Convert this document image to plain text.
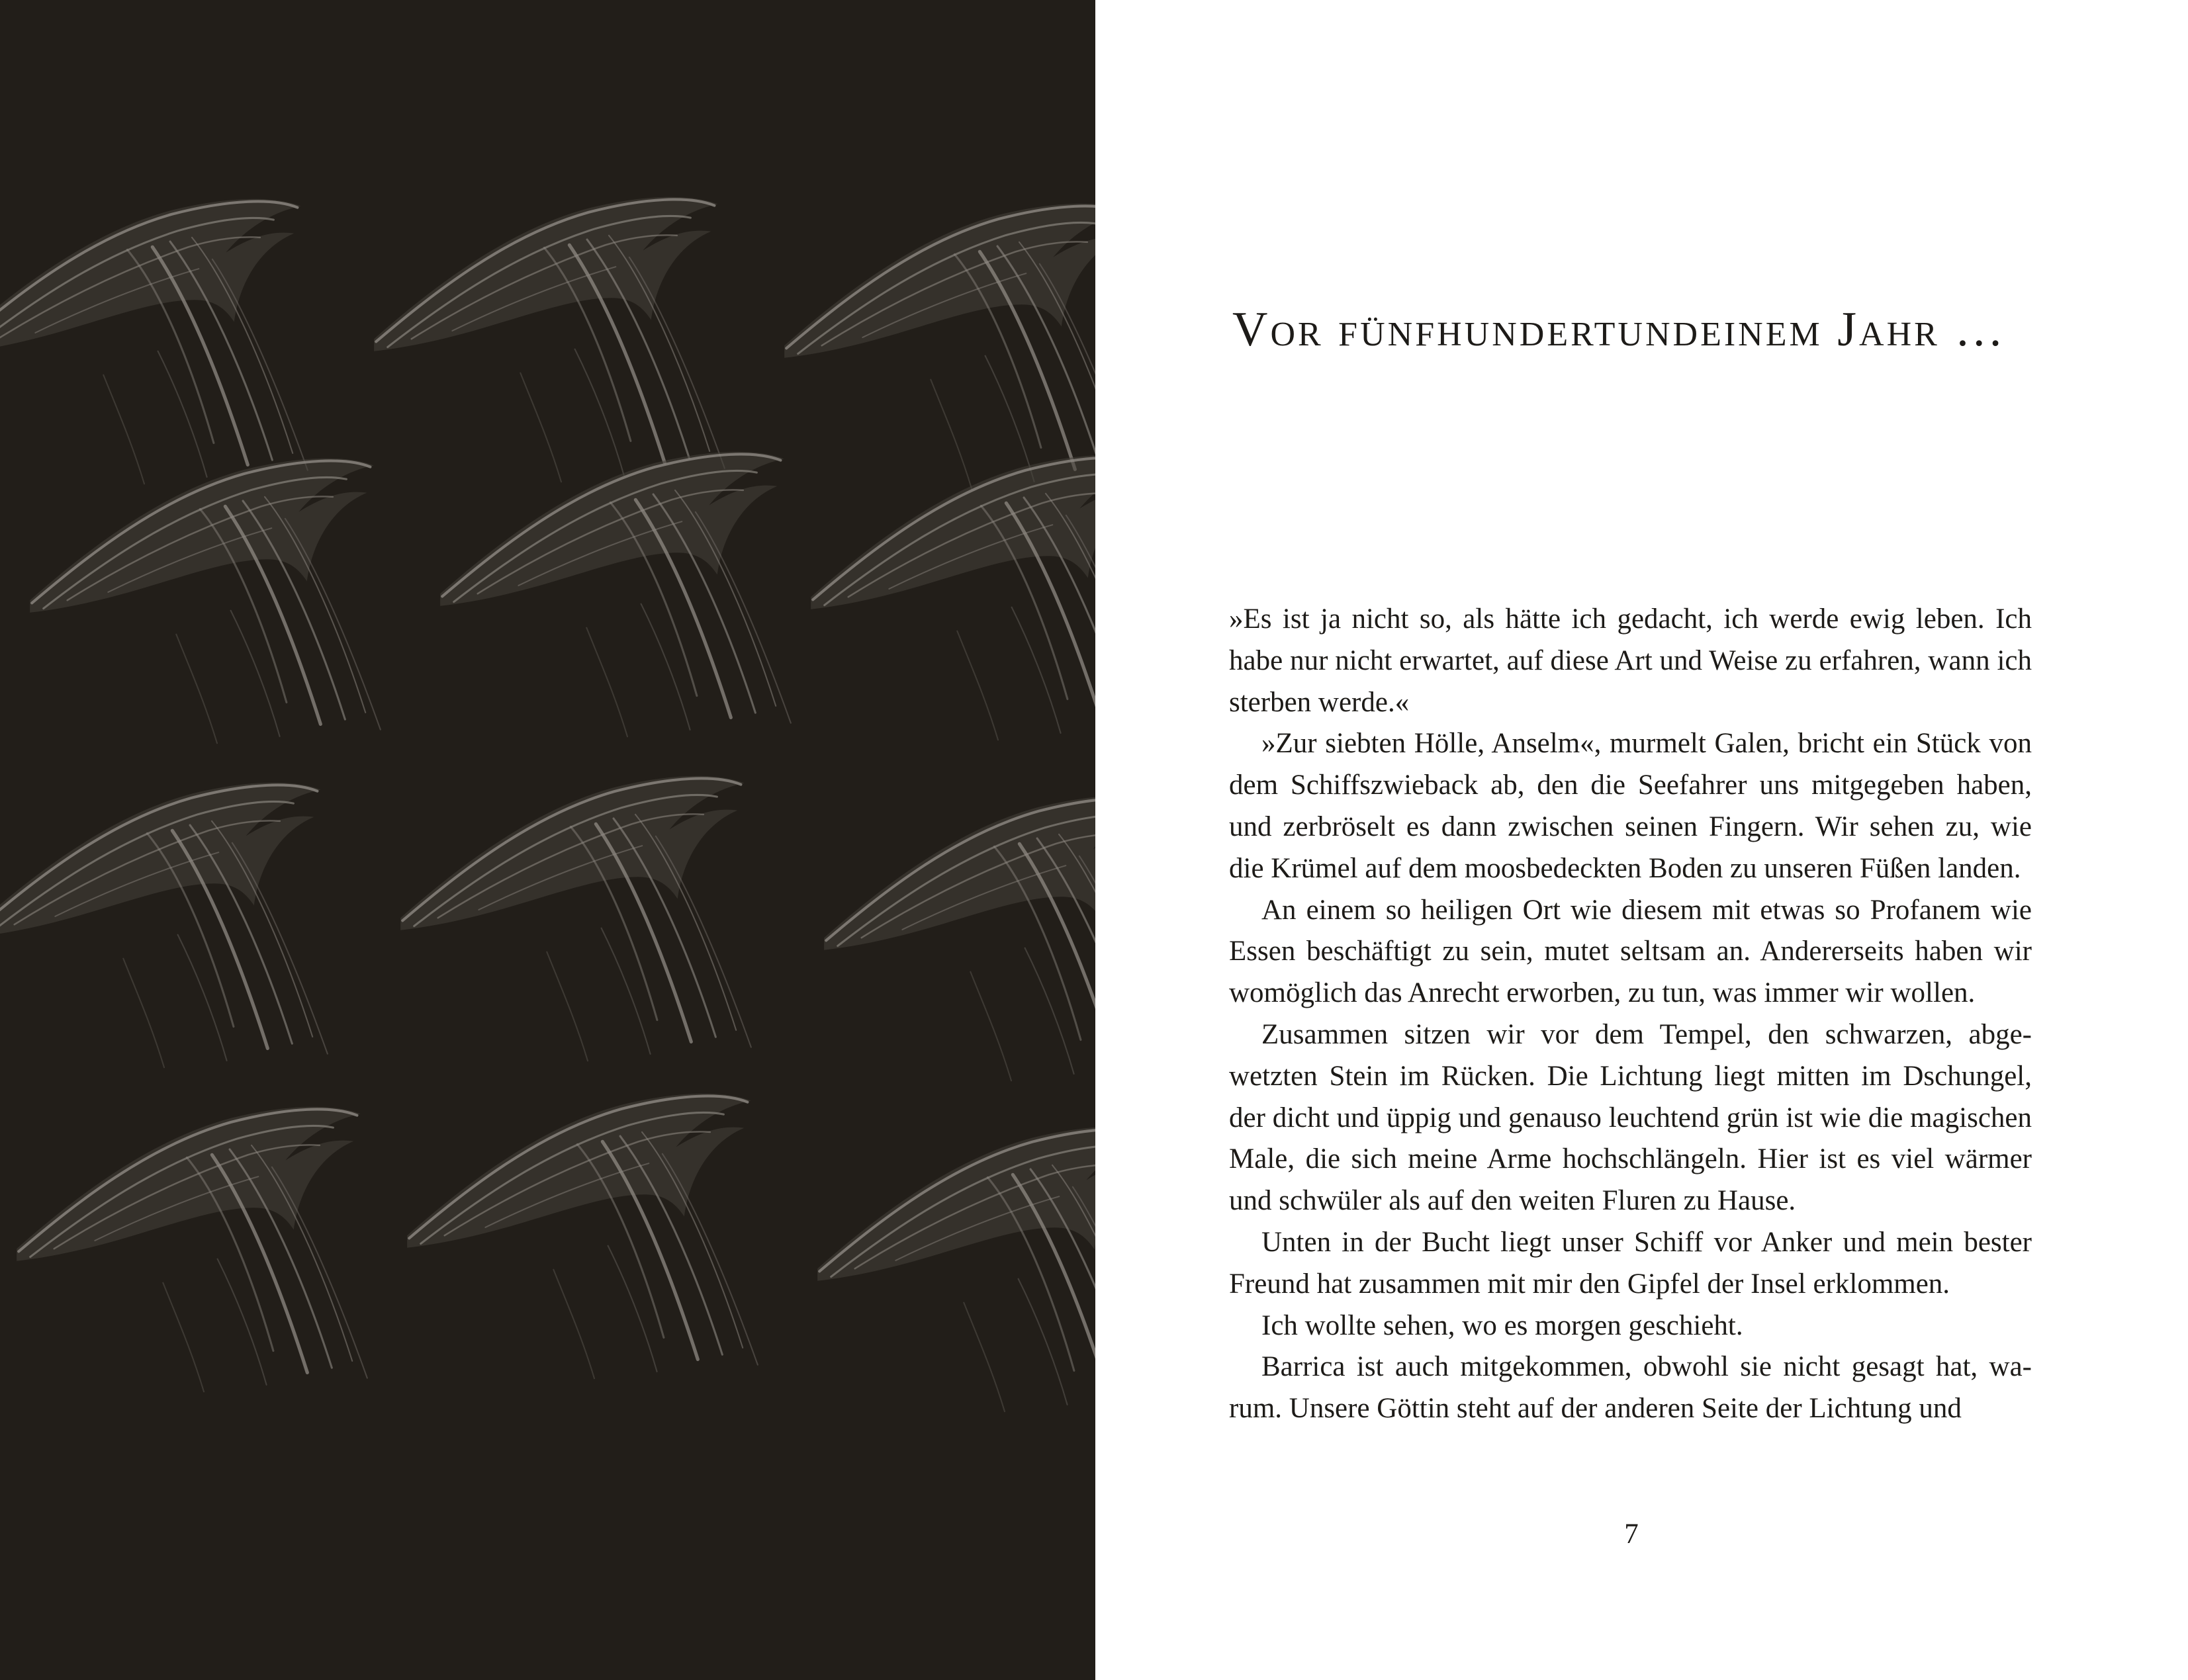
Vor fünfhundertundeinem Jahr …

»Es ist ja nicht so, als hätte ich gedacht, ich werde ewig leben. Ich habe nur nicht erwartet, auf diese Art und Weise zu erfahren, wann ich sterben werde.«

»Zur siebten Hölle, Anselm«, murmelt Galen, bricht ein Stück von dem Schiffszwieback ab, den die Seefahrer uns mitgegeben haben, und zerbröselt es dann zwischen seinen Fingern. Wir sehen zu, wie die Krümel auf dem moosbedeckten Boden zu unseren Füßen landen.

An einem so heiligen Ort wie diesem mit etwas so Profanem wie Essen beschäftigt zu sein, mutet seltsam an. Andererseits haben wir womöglich das Anrecht erworben, zu tun, was immer wir wollen.

Zusammen sitzen wir vor dem Tempel, den schwarzen, abgewetzten Stein im Rücken. Die Lichtung liegt mitten im Dschungel, der dicht und üppig und genauso leuchtend grün ist wie die magischen Male, die sich meine Arme hochschlängeln. Hier ist es viel wärmer und schwüler als auf den weiten Fluren zu Hause.

Unten in der Bucht liegt unser Schiff vor Anker und mein bester Freund hat zusammen mit mir den Gipfel der Insel erklommen.

Ich wollte sehen, wo es morgen geschieht.

Barrica ist auch mitgekommen, obwohl sie nicht gesagt hat, warum. Unsere Göttin steht auf der anderen Seite der Lichtung und

7
